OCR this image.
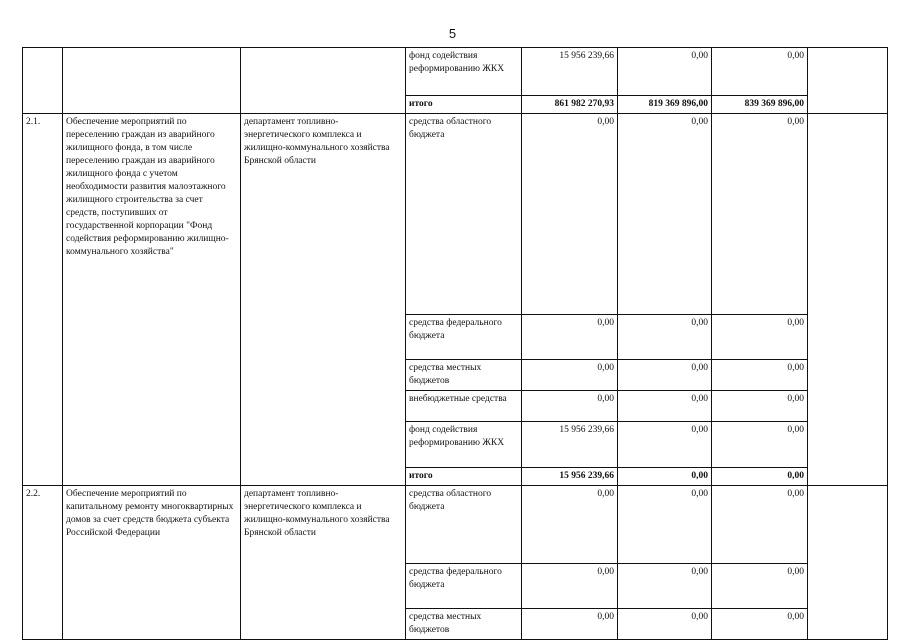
5
			фонд содействия реформированию ЖКХ	15 956 239,66	0,00	0,00	
			итого	861 982 270,93	819 369 896,00	839 369 896,00	
2.1.	Обеспечение мероприятий по переселению граждан из аварийного жилищного фонда, в том числе переселению граждан из аварийного жилищного фонда с учетом необходимости развития малоэтажного жилищного строительства за счет средств, поступивших от государственной корпорации "Фонд содействия реформированию жилищно-коммунального хозяйства"	департамент топливно-энергетического комплекса и жилищно-коммунального хозяйства Брянской области	средства областного бюджета	0,00	0,00	0,00	
			средства федерального бюджета	0,00	0,00	0,00	
			средства местных бюджетов	0,00	0,00	0,00	
			внебюджетные средства	0,00	0,00	0,00	
			фонд содействия реформированию ЖКХ	15 956 239,66	0,00	0,00	
			итого	15 956 239,66	0,00	0,00	
2.2.	Обеспечение мероприятий по капитальному ремонту многоквартирных домов за счет средств бюджета субъекта Российской Федерации	департамент топливно-энергетического комплекса и жилищно-коммунального хозяйства Брянской области	средства областного бюджета	0,00	0,00	0,00	
			средства федерального бюджета	0,00	0,00	0,00	
			средства местных бюджетов	0,00	0,00	0,00	
